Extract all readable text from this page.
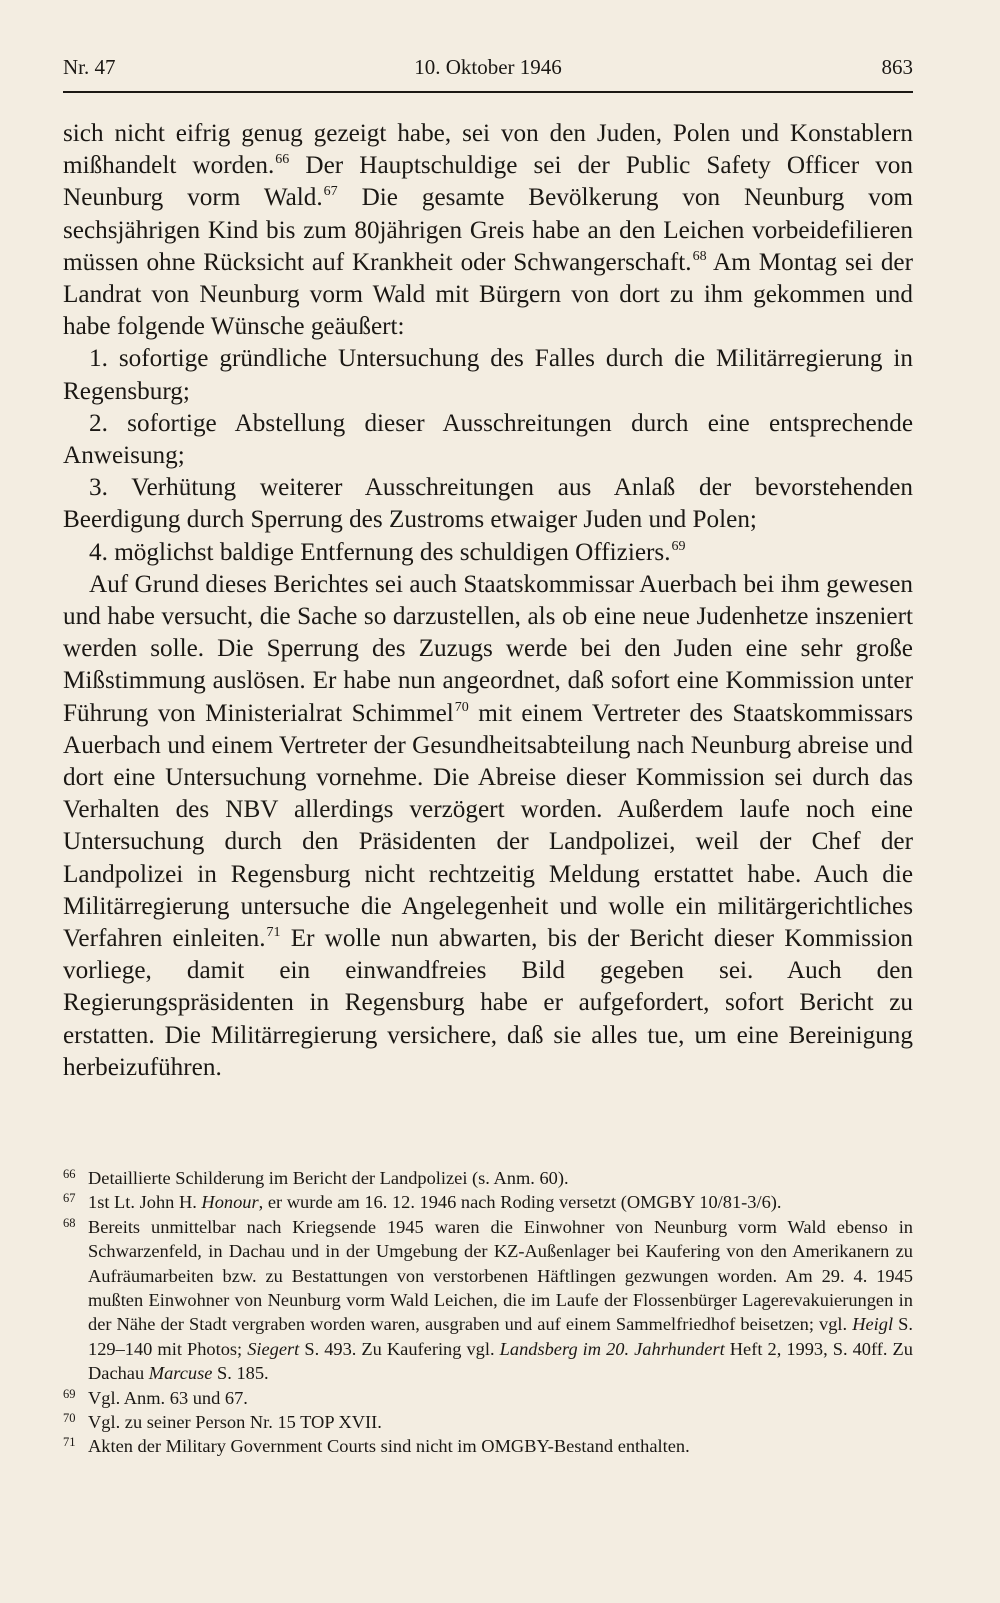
Nr. 47	10. Oktober 1946	863

sich nicht eifrig genug gezeigt habe, sei von den Juden, Polen und Konstablern mißhandelt worden.$^{66}$ Der Hauptschuldige sei der Public Safety Officer von Neunburg vorm Wald.$^{67}$ Die gesamte Bevölkerung von Neunburg vom sechsjährigen Kind bis zum 80jährigen Greis habe an den Leichen vorbeidefilieren müssen ohne Rücksicht auf Krankheit oder Schwangerschaft.$^{68}$ Am Montag sei der Landrat von Neunburg vorm Wald mit Bürgern von dort zu ihm gekommen und habe folgende Wünsche geäußert:

1. sofortige gründliche Untersuchung des Falles durch die Militärregierung in Regensburg;

2. sofortige Abstellung dieser Ausschreitungen durch eine entsprechende Anweisung;

3. Verhütung weiterer Ausschreitungen aus Anlaß der bevorstehenden Beerdigung durch Sperrung des Zustroms etwaiger Juden und Polen;

4. möglichst baldige Entfernung des schuldigen Offiziers.$^{69}$

Auf Grund dieses Berichtes sei auch Staatskommissar Auerbach bei ihm gewesen und habe versucht, die Sache so darzustellen, als ob eine neue Judenhetze inszeniert werden solle. Die Sperrung des Zuzugs werde bei den Juden eine sehr große Mißstimmung auslösen. Er habe nun angeordnet, daß sofort eine Kommission unter Führung von Ministerialrat Schimmel$^{70}$ mit einem Vertreter des Staatskommissars Auerbach und einem Vertreter der Gesundheitsabteilung nach Neunburg abreise und dort eine Untersuchung vornehme. Die Abreise dieser Kommission sei durch das Verhalten des NBV allerdings verzögert worden. Außerdem laufe noch eine Untersuchung durch den Präsidenten der Landpolizei, weil der Chef der Landpolizei in Regensburg nicht rechtzeitig Meldung erstattet habe. Auch die Militärregierung untersuche die Angelegenheit und wolle ein militärgerichtliches Verfahren einleiten.$^{71}$ Er wolle nun abwarten, bis der Bericht dieser Kommission vorliege, damit ein einwandfreies Bild gegeben sei. Auch den Regierungspräsidenten in Regensburg habe er aufgefordert, sofort Bericht zu erstatten. Die Militärregierung versichere, daß sie alles tue, um eine Bereinigung herbeizuführen.

66 Detaillierte Schilderung im Bericht der Landpolizei (s. Anm. 60).
67 1st Lt. John H. Honour, er wurde am 16. 12. 1946 nach Roding versetzt (OMGBY 10/81-3/6).
68 Bereits unmittelbar nach Kriegsende 1945 waren die Einwohner von Neunburg vorm Wald ebenso in Schwarzenfeld, in Dachau und in der Umgebung der KZ-Außenlager bei Kaufering von den Amerikanern zu Aufräumarbeiten bzw. zu Bestattungen von verstorbenen Häftlingen gezwungen worden. Am 29. 4. 1945 mußten Einwohner von Neunburg vorm Wald Leichen, die im Laufe der Flossenbürger Lagerevakuierungen in der Nähe der Stadt vergraben worden waren, ausgraben und auf einem Sammelfriedhof beisetzen; vgl. Heigl S. 129–140 mit Photos; Siegert S. 493. Zu Kaufering vgl. Landsberg im 20. Jahrhundert Heft 2, 1993, S. 40ff. Zu Dachau Marcuse S. 185.
69 Vgl. Anm. 63 und 67.
70 Vgl. zu seiner Person Nr. 15 TOP XVII.
71 Akten der Military Government Courts sind nicht im OMGBY-Bestand enthalten.
